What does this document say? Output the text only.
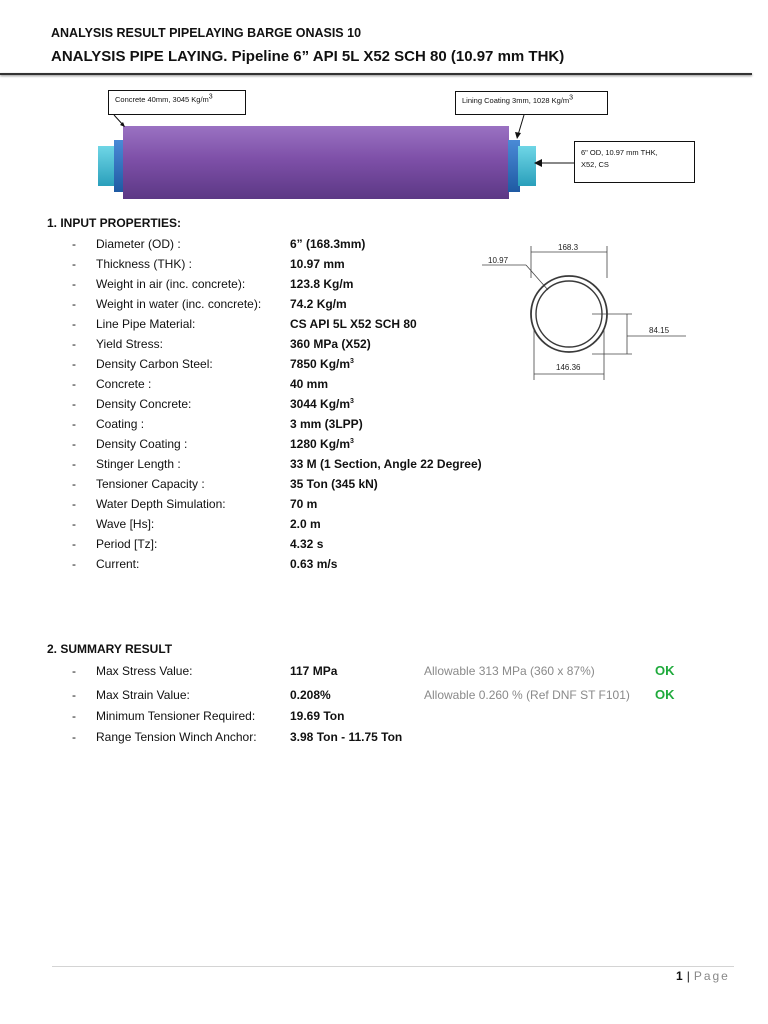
ANALYSIS RESULT PIPELAYING BARGE ONASIS 10
ANALYSIS PIPE LAYING. Pipeline 6” API 5L X52 SCH 80 (10.97 mm THK)
Concrete 40mm, 3045 $Kg/m^3$	Lining Coating 3mm, 1028 $Kg/m^3$
6" OD, 10.97 mm THK,
X52, CS
168.3
10.97
84.15
146.36
1. INPUT PROPERTIES:
-	Diameter (OD) :	6” (168.3mm)
-	Thickness (THK) :	10.97 mm
-	Weight in air (inc. concrete):	123.8 Kg/m
-	Weight in water (inc. concrete): 74.2 Kg/m
-	Line Pipe Material:	CS API 5L X52 SCH 80
-	Yield Stress:	360 MPa (X52)
-	Density Carbon Steel:	7850 $Kg/m^3$
-	Concrete :	40 mm
-	Density Concrete:	3044 $Kg/m^3$
-	Coating :	3 mm (3LPP)
-	Density Coating :	1280 $Kg/m^3$
-	Stinger Length :	33 M (1 Section, Angle 22 Degree)
-	Tensioner Capacity :	35 Ton (345 kN)
-	Water Depth Simulation:	70 m
-	Wave [Hs]:	2.0 m
-	Period [Tz]:	4.32 s
-	Current:	0.63 m/s
2. SUMMARY RESULT
-	Max Stress Value:	117 MPa	Allowable 313 MPa (360 x 87%)	OK
-	Max Strain Value:	0.208%	Allowable 0.260 % (Ref DNF ST F101) OK
-	Minimum Tensioner Required:	19.69 Ton
-	Range Tension Winch Anchor:	3.98 Ton - 11.75 Ton
1 | Page
